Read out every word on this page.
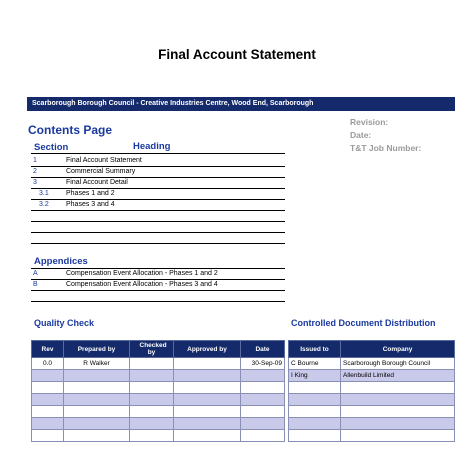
Final Account Statement
Scarborough Borough Council - Creative Industries Centre, Wood End, Scarborough
Revision:
Date:
T&T Job Number:
Contents Page
Section	Heading
1	Final Account Statement
2	Commercial Summary
3	Final Account Detail
3.1 Phases 1 and 2
3.2 Phases 3 and 4
Appendices
A	Compensation Event Allocation - Phases 1 and 2
B	Compensation Event Allocation - Phases 3 and 4
Quality Check	Controlled Document Distribution
Rev	Prepared by	Checked by	Approved by	Date
0.0	R Walker			30-Sep-09

Issued to	Company
C Bourne	Scarborough Borough Council
I King	Allenbuild Limited
